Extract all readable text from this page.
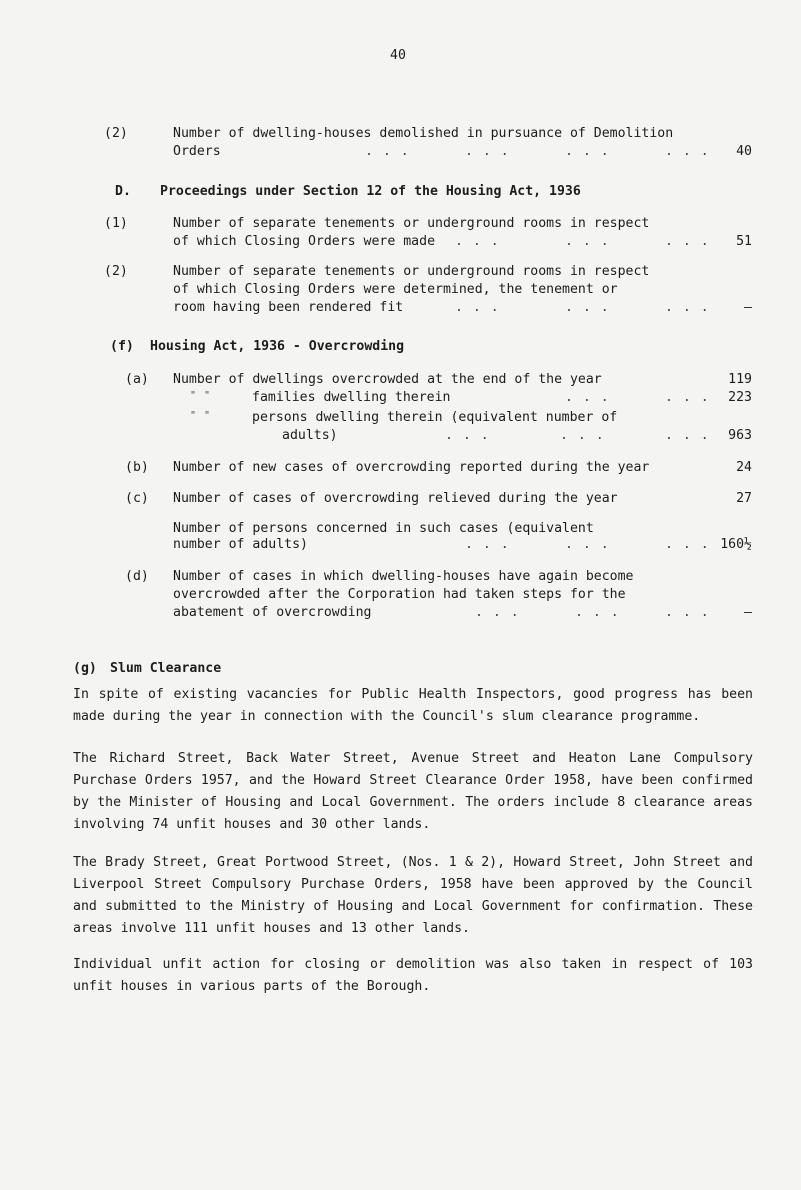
40
(2)	Number of dwelling-houses demolished in pursuance of Demolition
Orders	. . .	. . .	. . .	. . . 40
D. Proceedings under Section 12 of the Housing Act, 1936
(1)	Number of separate tenements or underground rooms in respect
of which Closing Orders were made . . .	. . .	. . . 51
(2)	Number of separate tenements or underground rooms in respect
of which Closing Orders were determined, the tenement or
room having been rendered fit	. . .	. . .	. . .	–
(f) Housing Act, 1936 - Overcrowding
(a) Number of dwellings overcrowded at the end of the year	119
" "	families dwelling therein	. . .	. . . 223
" "	persons dwelling therein (equivalent number of
adults)	. . .	. . .	. . . 963
(b) Number of new cases of overcrowding reported during the year	24
(c) Number of cases of overcrowding relieved during the year	27
Number of persons concerned in such cases (equivalent
number of adults)	. . .	. . .	. . . 160½
(d) Number of cases in which dwelling-houses have again become
overcrowded after the Corporation had taken steps for the
abatement of overcrowding	. . .	. . .	. . .	–
(g) Slum Clearance
In spite of existing vacancies for Public Health Inspectors, good progress has been made during the year in connection with the Council's slum clearance programme.
The Richard Street, Back Water Street, Avenue Street and Heaton Lane Compulsory Purchase Orders 1957, and the Howard Street Clearance Order 1958, have been confirmed by the Minister of Housing and Local Government. The orders include 8 clearance areas involving 74 unfit houses and 30 other lands.
The Brady Street, Great Portwood Street, (Nos. 1 & 2), Howard Street, John Street and Liverpool Street Compulsory Purchase Orders, 1958 have been approved by the Council and submitted to the Ministry of Housing and Local Government for confirmation. These areas involve 111 unfit houses and 13 other lands.
Individual unfit action for closing or demolition was also taken in respect of 103 unfit houses in various parts of the Borough.
